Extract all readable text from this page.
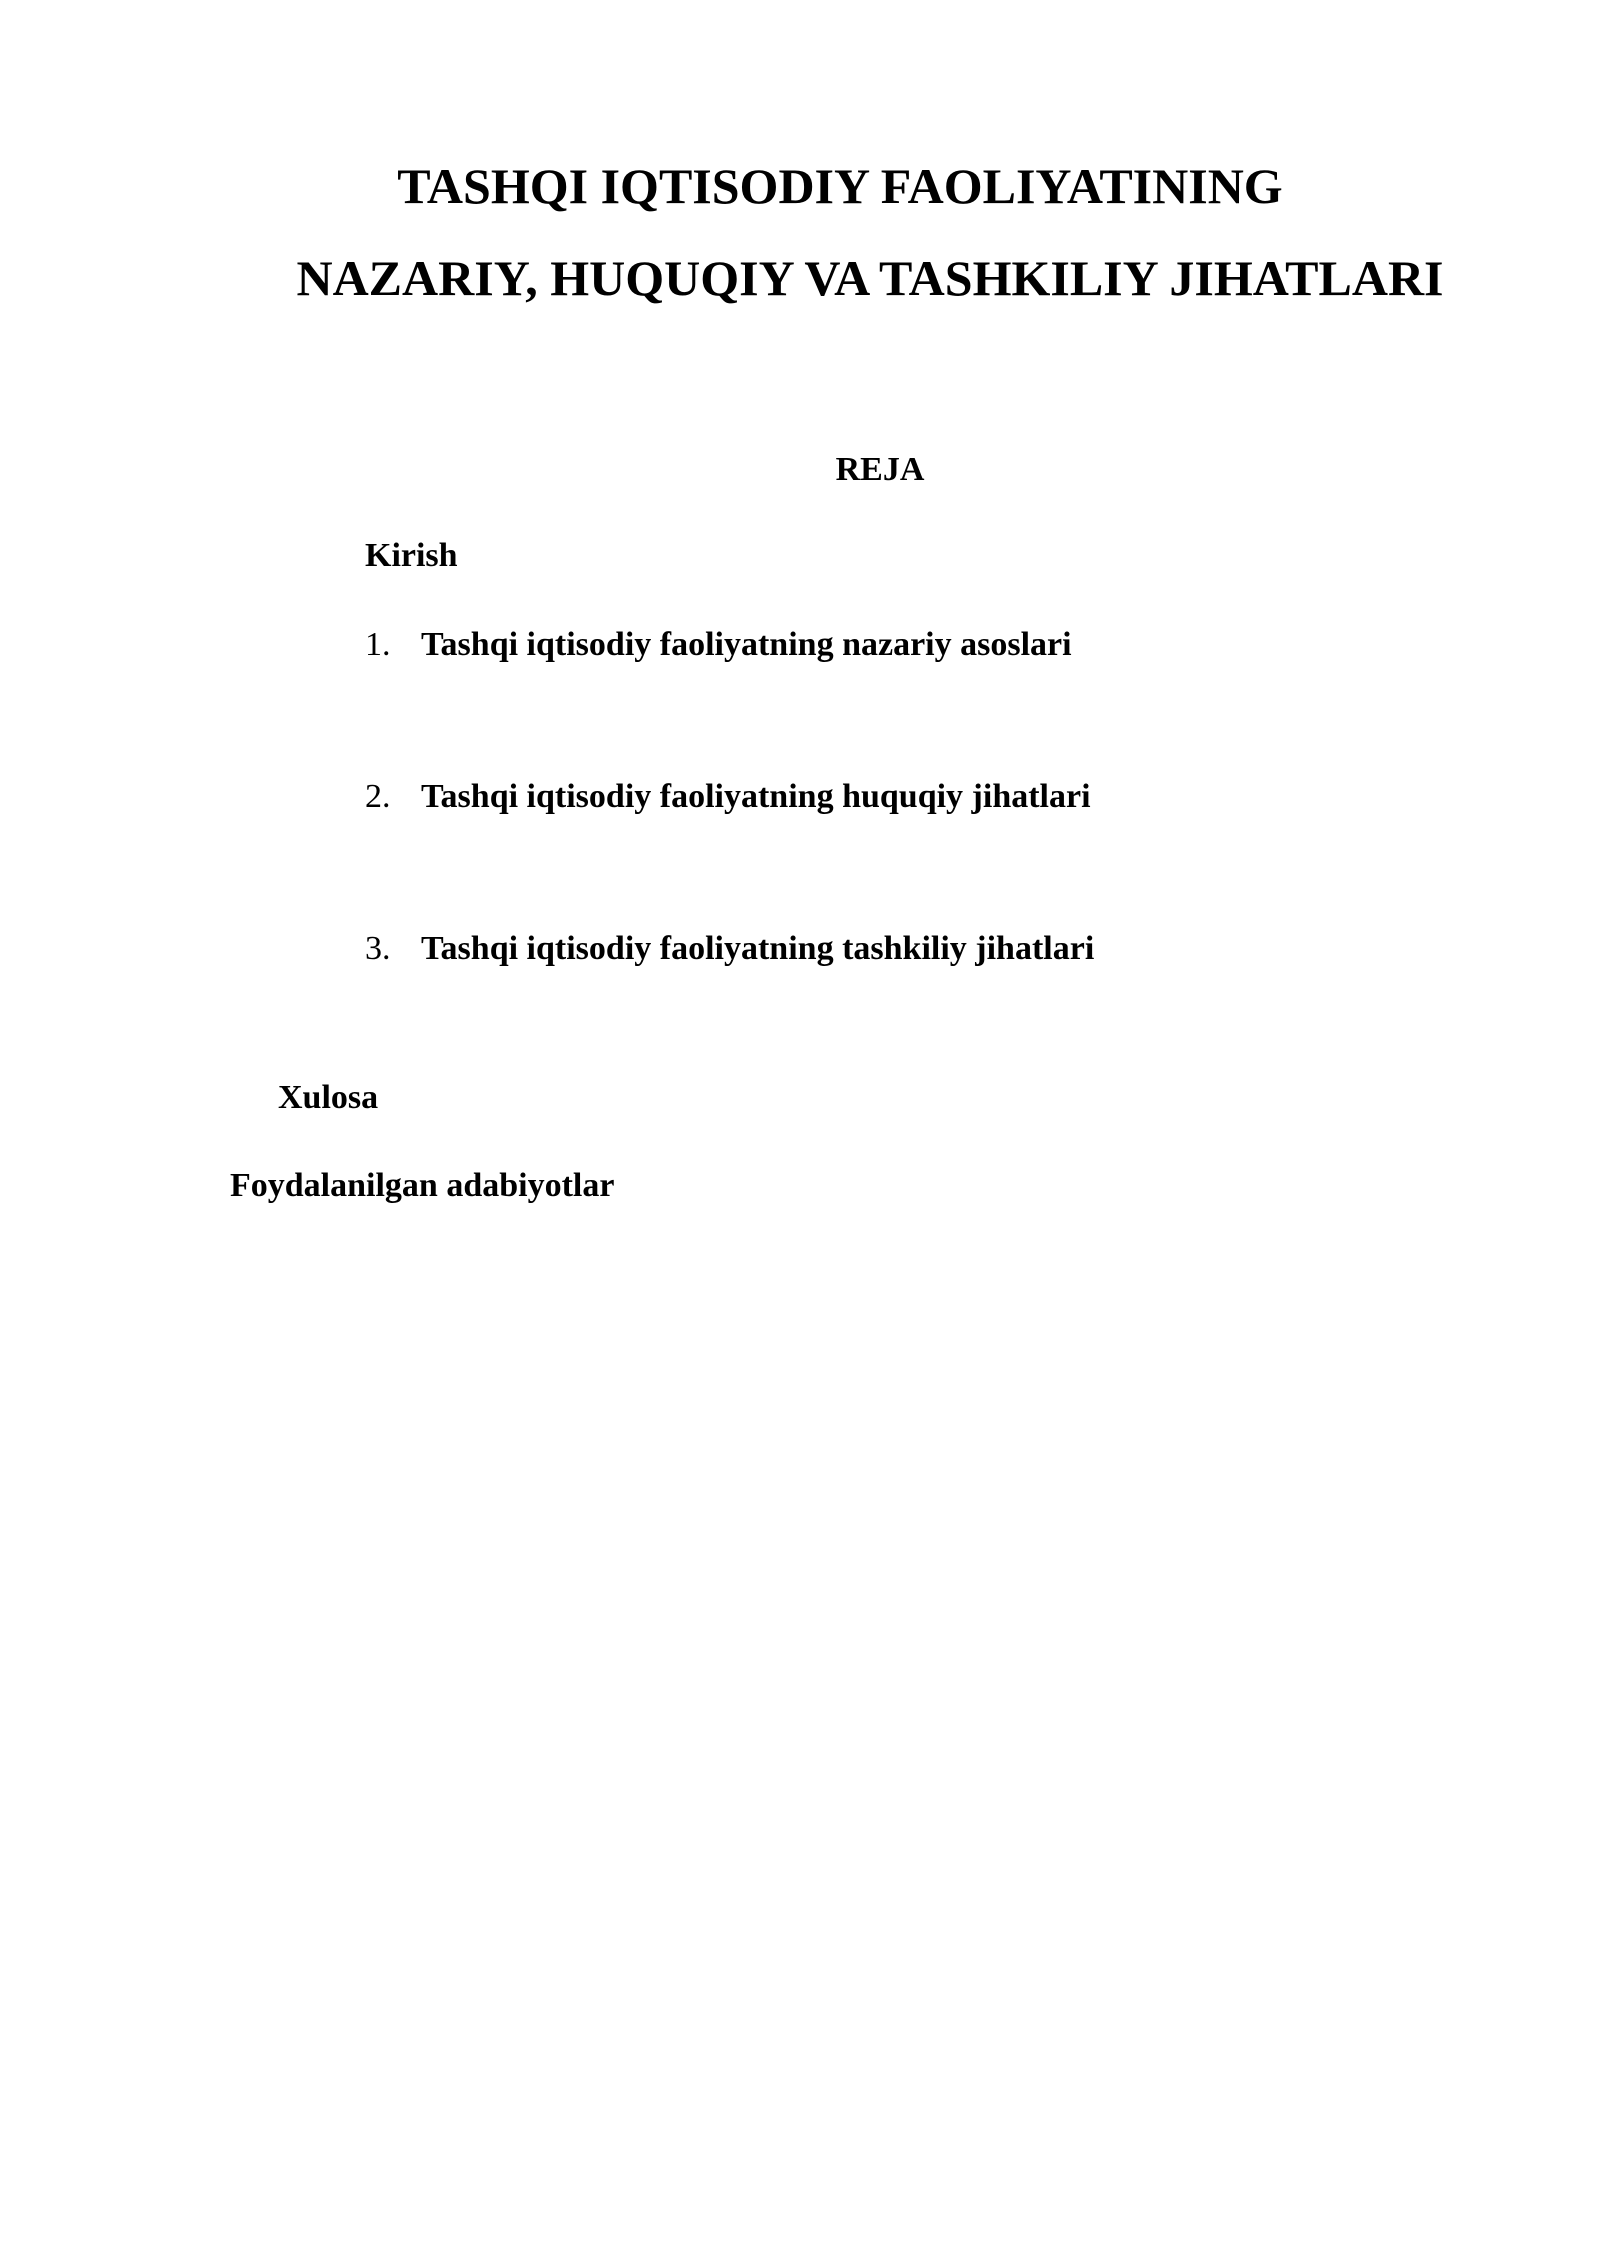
TASHQI IQTISODIY FAOLIYATINING
NAZARIY, HUQUQIY VA TASHKILIY JIHATLARI
REJA
Kirish
1. Tashqi iqtisodiy faoliyatning nazariy asoslari
2. Tashqi iqtisodiy faoliyatning huquqiy jihatlari
3. Tashqi iqtisodiy faoliyatning tashkiliy jihatlari
Xulosa
Foydalanilgan adabiyotlar
